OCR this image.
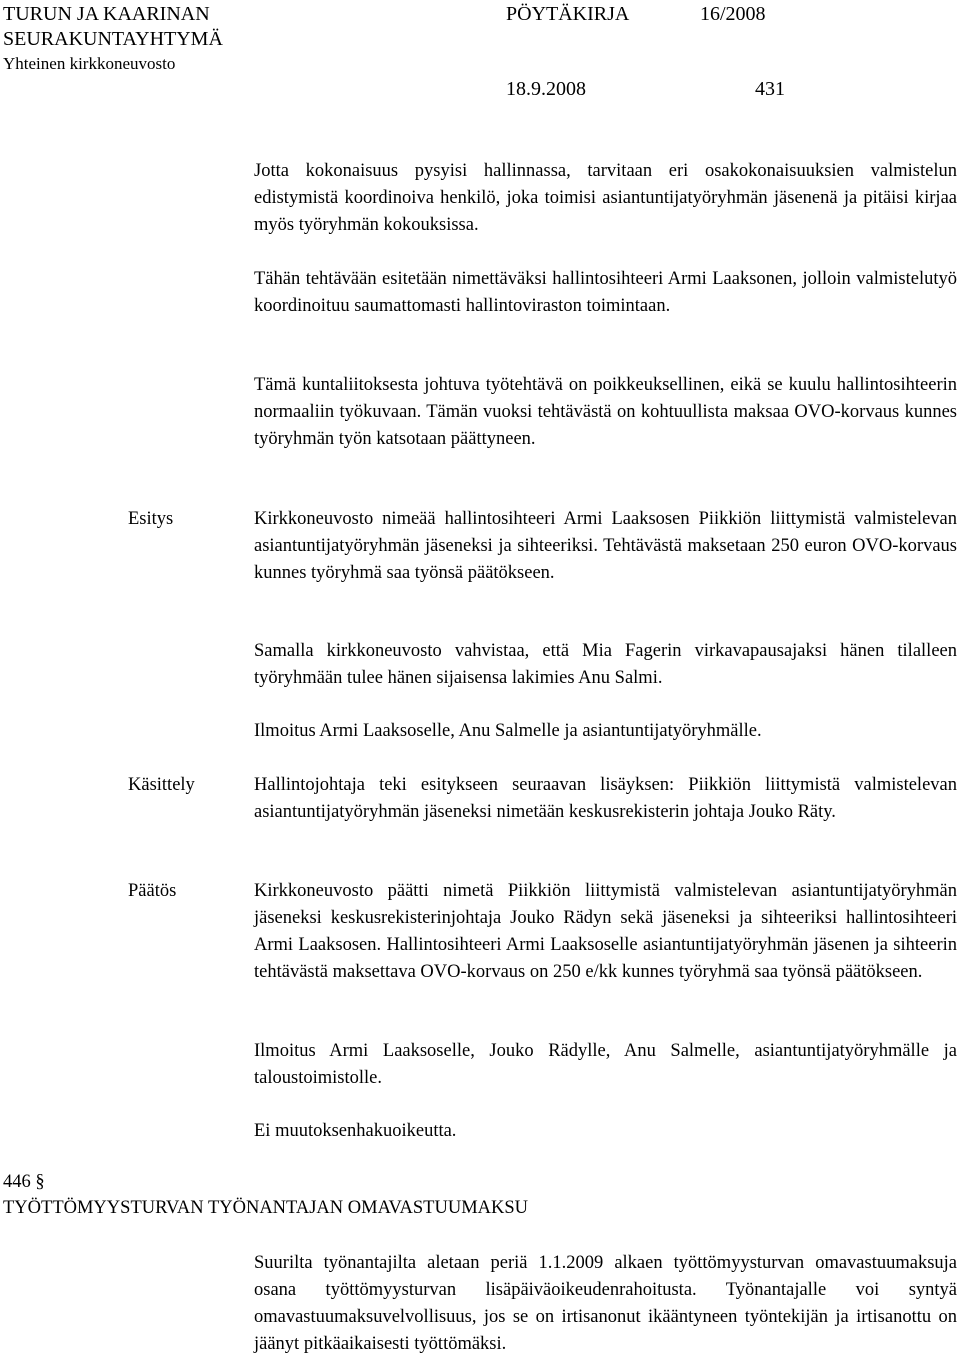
TURUN JA KAARINAN
SEURAKUNTAYHTYMÄ
Yhteinen kirkkoneuvosto
PÖYTÄKIRJA	16/2008
18.9.2008	431
Jotta kokonaisuus pysyisi hallinnassa, tarvitaan eri osakokonaisuuksien valmistelun edistymistä koordinoiva henkilö, joka toimisi asiantuntijatyöryhmän jäsenenä ja pitäisi kirjaa myös työryhmän kokouksissa.
Tähän tehtävään esitetään nimettäväksi hallintosihteeri Armi Laaksonen, jolloin valmistelutyö koordinoituu saumattomasti hallintoviraston toimintaan.
Tämä kuntaliitoksesta johtuva työtehtävä on poikkeuksellinen, eikä se kuulu hallintosihteerin normaaliin työkuvaan. Tämän vuoksi tehtävästä on kohtuullista maksaa OVO-korvaus kunnes työryhmän työn katsotaan päättyneen.
Esitys	Kirkkoneuvosto nimeää hallintosihteeri Armi Laaksosen Piikkiön liittymistä valmistelevan asiantuntijatyöryhmän jäseneksi ja sihteeriksi. Tehtävästä maksetaan 250 euron OVO-korvaus kunnes työryhmä saa työnsä päätökseen.
Samalla kirkkoneuvosto vahvistaa, että Mia Fagerin virkavapausajaksi hänen tilalleen työryhmään tulee hänen sijaisensa lakimies Anu Salmi.
Ilmoitus Armi Laaksoselle, Anu Salmelle ja asiantuntijatyöryhmälle.
Käsittely	Hallintojohtaja teki esitykseen seuraavan lisäyksen: Piikkiön liittymistä valmistelevan asiantuntijatyöryhmän jäseneksi nimetään keskusrekisterin johtaja Jouko Räty.
Päätös	Kirkkoneuvosto päätti nimetä Piikkiön liittymistä valmistelevan asiantuntijatyöryhmän jäseneksi keskusrekisterinjohtaja Jouko Rädyn sekä jäseneksi ja sihteeriksi hallintosihteeri Armi Laaksosen. Hallintosihteeri Armi Laaksoselle asiantuntijatyöryhmän jäsenen ja sihteerin tehtävästä maksettava OVO-korvaus on 250 e/kk kunnes työryhmä saa työnsä päätökseen.
Ilmoitus Armi Laaksoselle, Jouko Rädylle, Anu Salmelle, asiantuntijatyöryhmälle ja taloustoimistolle.
Ei muutoksenhakuoikeutta.
446 §
TYÖTTÖMYYSTURVAN TYÖNANTAJAN OMAVASTUUMAKSU
Suurilta työnantajilta aletaan periä 1.1.2009 alkaen työttömyysturvan omavastuumaksuja osana työttömyysturvan lisäpäiväoikeudenrahoitusta. Työnantajalle voi syntyä omavastuumaksuvelvollisuus, jos se on irtisanonut ikääntyneen työntekijän ja irtisanottu on jäänyt pitkäaikaisesti työttömäksi.
